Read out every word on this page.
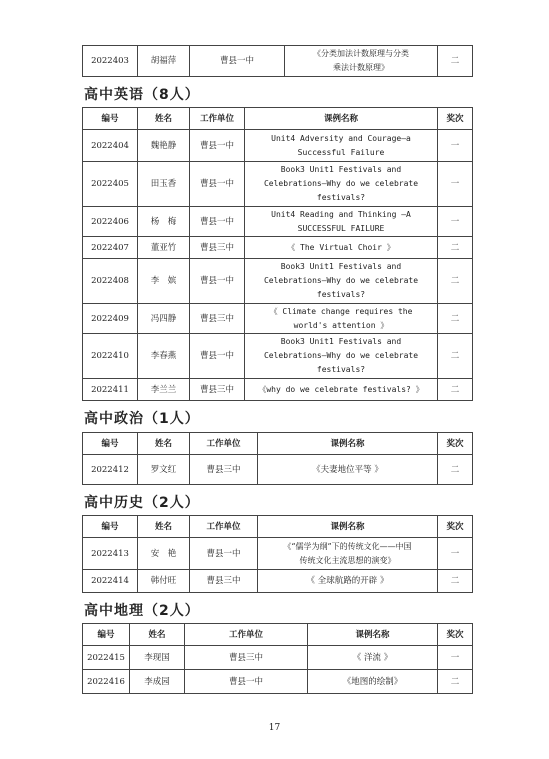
2022403	胡福萍	曹县一中	《分类加法计数原理与分类
乘法计数原理》	二
高中英语（8人）
编号	姓名	工作单位	课例名称	奖次
2022404	魏艳静	曹县一中	Unit4 Adversity and Courage—a
Successful Failure	一
2022405	田玉香	曹县一中	Book3 Unit1 Festivals and
Celebrations—Why do we celebrate
festivals?	一
2022406	杨　梅	曹县一中	Unit4 Reading and Thinking —A
SUCCESSFUL FAILURE	一
2022407	董亚竹	曹县三中	《 The Virtual Choir 》	二
2022408	李　嫔	曹县一中	Book3 Unit1 Festivals and
Celebrations—Why do we celebrate
festivals?	二
2022409	冯四静	曹县三中	《 Climate change requires the
world's attention 》	二
2022410	李春燕	曹县一中	Book3 Unit1 Festivals and
Celebrations—Why do we celebrate
festivals?	二
2022411	李兰兰	曹县三中	《why do we celebrate festivals? 》	二
高中政治（1人）
编号	姓名	工作单位	课例名称	奖次
2022412	罗文红	曹县三中	《夫妻地位平等 》	二
高中历史（2人）
编号	姓名	工作单位	课例名称	奖次
2022413	安　艳	曹县一中	《“儒学为纲”下的传统文化——中国
传统文化主流思想的演变》	一
2022414	韩付旺	曹县三中	《 全球航路的开辟 》	二
高中地理（2人）
编号	姓名	工作单位	课例名称	奖次
2022415	李现国	曹县三中	《 洋流 》	一
2022416	李成园	曹县一中	《地图的绘制》	二
17
